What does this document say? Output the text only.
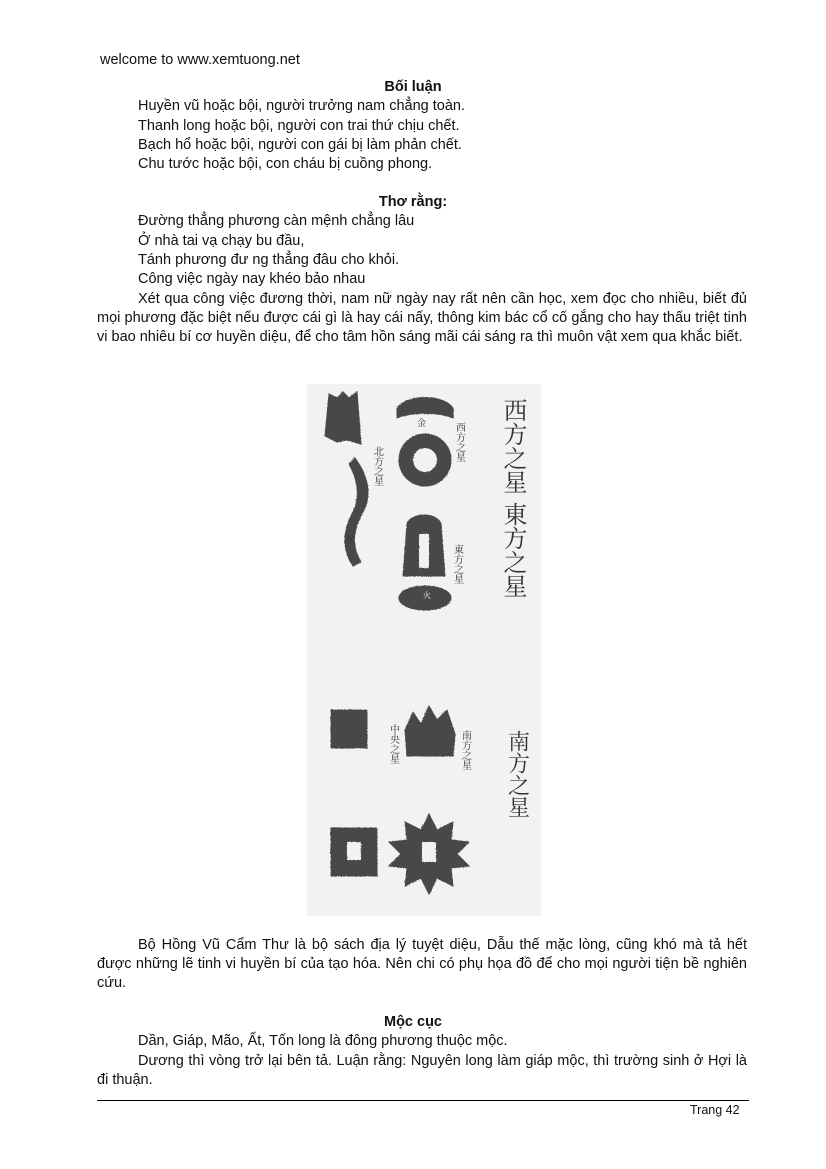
welcome to www.xemtuong.net
Bối luận
Huyền vũ hoặc bội, người trưởng nam chẳng toàn.
Thanh long hoặc bội, người con trai thứ chịu chết.
Bạch hổ hoặc bội, người con gái bị làm phản chết.
Chu tước hoặc bội, con cháu bị cuồng phong.
Thơ rằng:
Đường thẳng phương càn mệnh chẳng lâu
Ở nhà tai vạ chạy bu đầu,
Tánh phương đư ng thẳng đâu cho khỏi.
Công việc ngày nay khéo bảo nhau
Xét qua công việc đương thời, nam nữ ngày nay rất nên cần học, xem đọc cho nhiều, biết đủ mọi phương đặc biệt nếu được cái gì là hay cái nấy, thông kim bác cổ cố gắng cho hay thấu triệt tinh vi bao nhiêu bí cơ huyền diệu, để cho tâm hồn sáng mãi cái sáng ra thì muôn vật xem qua khắc biết.
西方之星
東方之星
南方之星
西方之星
北方之星
水
金
東方之星
中央之星	南方之星
火
Bộ Hồng Vũ Cẩm Thư là bộ sách địa lý tuyệt diệu, Dẫu thế mặc lòng, cũng khó mà tả hết được những lẽ tinh vi huyền bí của tạo hóa. Nên chi có phụ họa đồ để cho mọi người tiện bề nghiên cứu.
Mộc cục
Dần, Giáp, Mão, Ất, Tốn long là đông phương thuộc mộc.
Dương thì vòng trở lại bên tả. Luận rằng: Nguyên long làm giáp mộc, thì trường sinh ở Hợi là đi thuận.
Trang 42
